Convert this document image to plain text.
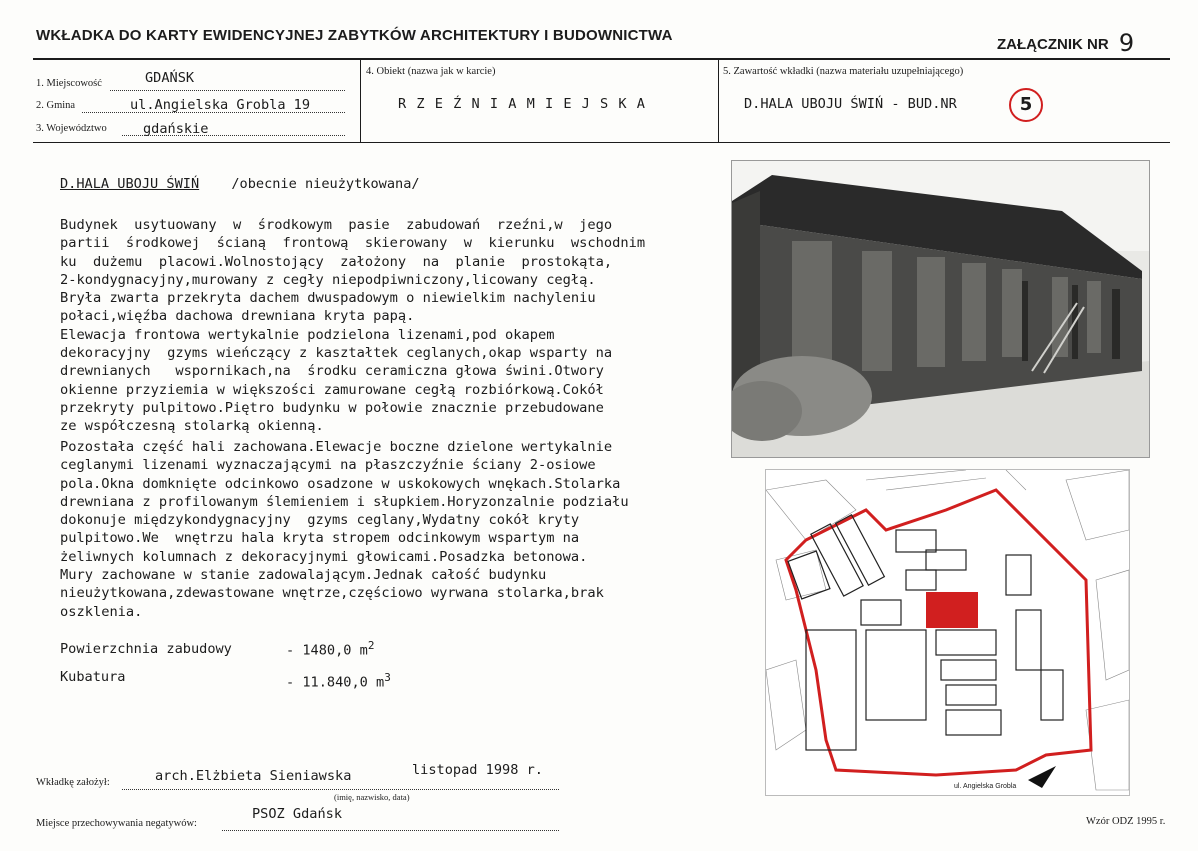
WKŁADKA DO KARTY EWIDENCYJNEJ ZABYTKÓW ARCHITEKTURY I BUDOWNICTWA
ZAŁĄCZNIK NR 9
1. Miejscowość	GDAŃSK
2. Gmina	ul.Angielska Grobla 19
3. Województwo	gdańskie
4. Obiekt (nazwa jak w karcie)
R Z E Ź N I A M I E J S K A
5. Zawartość wkładki (nazwa materiału uzupełniającego)
D.HALA UBOJU ŚWIŃ - BUD.NR	5
D.HALA UBOJU ŚWIŃ /obecnie nieużytkowana/
Budynek  usytuowany  w  środkowym  pasie  zabudowań  rzeźni,w  jego
partii  środkowej  ścianą  frontową  skierowany  w  kierunku  wschodnim
ku  dużemu  placowi.Wolnostojący  założony  na  planie  prostokąta,
2-kondygnacyjny,murowany z cegły niepodpiwniczony,licowany cegłą.
Bryła zwarta przekryta dachem dwuspadowym o niewielkim nachyleniu
połaci,więźba dachowa drewniana kryta papą.
Elewacja frontowa wertykalnie podzielona lizenami,pod okapem
dekoracyjny  gzyms wieńczący z kaształtek ceglanych,okap wsparty na
drewnianych   wspornikach,na  środku ceramiczna głowa świni.Otwory
okienne przyziemia w większości zamurowane cegłą rozbiórkową.Cokół
przekryty pulpitowo.Piętro budynku w połowie znacznie przebudowane
ze współczesną stolarką okienną.
Pozostała część hali zachowana.Elewacje boczne dzielone wertykalnie
ceglanymi lizenami wyznaczającymi na płaszczyźnie ściany 2-osiowe
pola.Okna domknięte odcinkowo osadzone w uskokowych wnękach.Stolarka
drewniana z profilowanym ślemieniem i słupkiem.Horyzonzalnie podziału
dokonuje międzykondygnacyjny  gzyms ceglany,Wydatny cokół kryty
pulpitowo.We  wnętrzu hala kryta stropem odcinkowym wspartym na
żeliwnych kolumnach z dekoracyjnymi głowicami.Posadzka betonowa.
Mury zachowane w stanie zadowalającym.Jednak całość budynku
nieużytkowana,zdewastowane wnętrze,częściowo wyrwana stolarka,brak
oszklenia.
Powierzchnia zabudowy	- 1480,0 $m^2$
Kubatura	- 11.840,0 $m^3$
ul. Angielska Grobla
Wkładkę założył:	arch.Elżbieta Sieniawska	listopad 1998 r.
(imię, nazwisko, data)
Miejsce przechowywania negatywów:
PSOZ Gdańsk	Wzór ODZ 1995 r.
